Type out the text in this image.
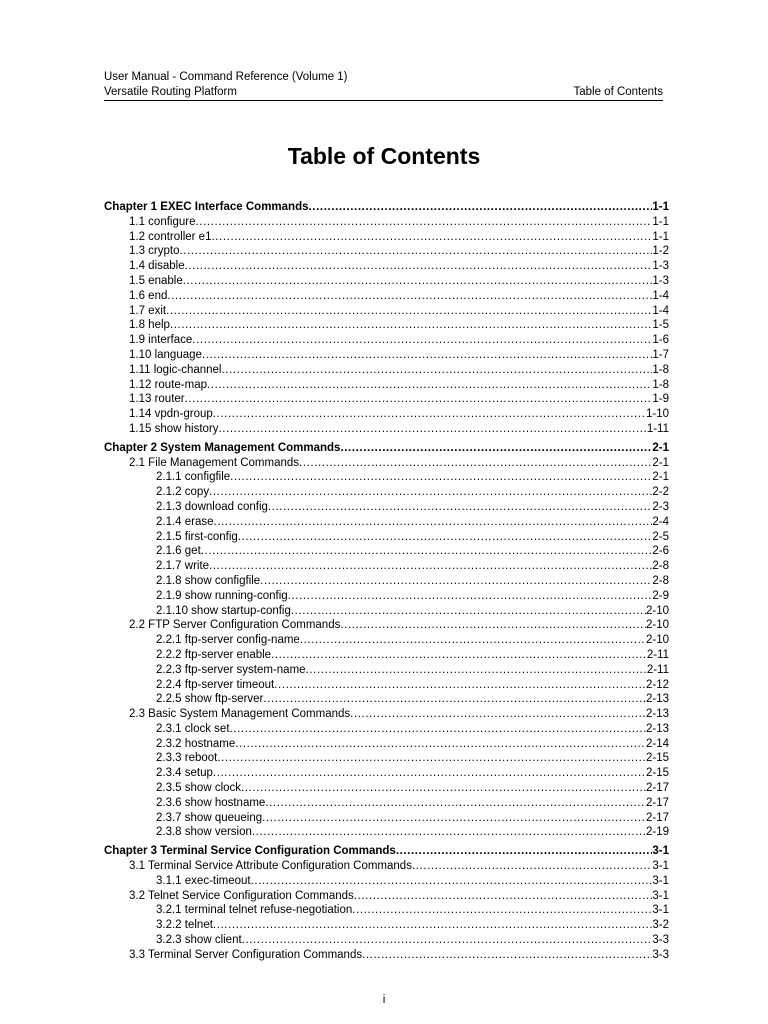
User Manual - Command Reference (Volume 1)
Versatile Routing Platform	Table of Contents
Table of Contents
Chapter 1 EXEC Interface Commands .....	1-1
1.1 configure .....	1-1
1.2 controller e1 .....	1-1
1.3 crypto .....	1-2
1.4 disable .....	1-3
1.5 enable .....	1-3
1.6 end .....	1-4
1.7 exit .....	1-4
1.8 help .....	1-5
1.9 interface .....	1-6
1.10 language .....	1-7
1.11 logic-channel .....	1-8
1.12 route-map .....	1-8
1.13 router .....	1-9
1.14 vpdn-group .....	1-10
1.15 show history .....	1-11
Chapter 2 System Management Commands .....	2-1
2.1 File Management Commands .....	2-1
2.1.1 configfile .....	2-1
2.1.2 copy .....	2-2
2.1.3 download config .....	2-3
2.1.4 erase .....	2-4
2.1.5 first-config .....	2-5
2.1.6 get .....	2-6
2.1.7 write .....	2-8
2.1.8 show configfile .....	2-8
2.1.9 show running-config .....	2-9
2.1.10 show startup-config .....	2-10
2.2 FTP Server Configuration Commands .....	2-10
2.2.1 ftp-server config-name .....	2-10
2.2.2 ftp-server enable .....	2-11
2.2.3 ftp-server system-name .....	2-11
2.2.4 ftp-server timeout .....	2-12
2.2.5 show ftp-server .....	2-13
2.3 Basic System Management Commands .....	2-13
2.3.1 clock set .....	2-13
2.3.2 hostname .....	2-14
2.3.3 reboot .....	2-15
2.3.4 setup .....	2-15
2.3.5 show clock .....	2-17
2.3.6 show hostname .....	2-17
2.3.7 show queueing .....	2-17
2.3.8 show version .....	2-19
Chapter 3 Terminal Service Configuration Commands .....	3-1
3.1 Terminal Service Attribute Configuration Commands .....	3-1
3.1.1 exec-timeout .....	3-1
3.2 Telnet Service Configuration Commands .....	3-1
3.2.1 terminal telnet refuse-negotiation .....	3-1
3.2.2 telnet .....	3-2
3.2.3 show client .....	3-3
3.3 Terminal Server Configuration Commands .....	3-3
i
